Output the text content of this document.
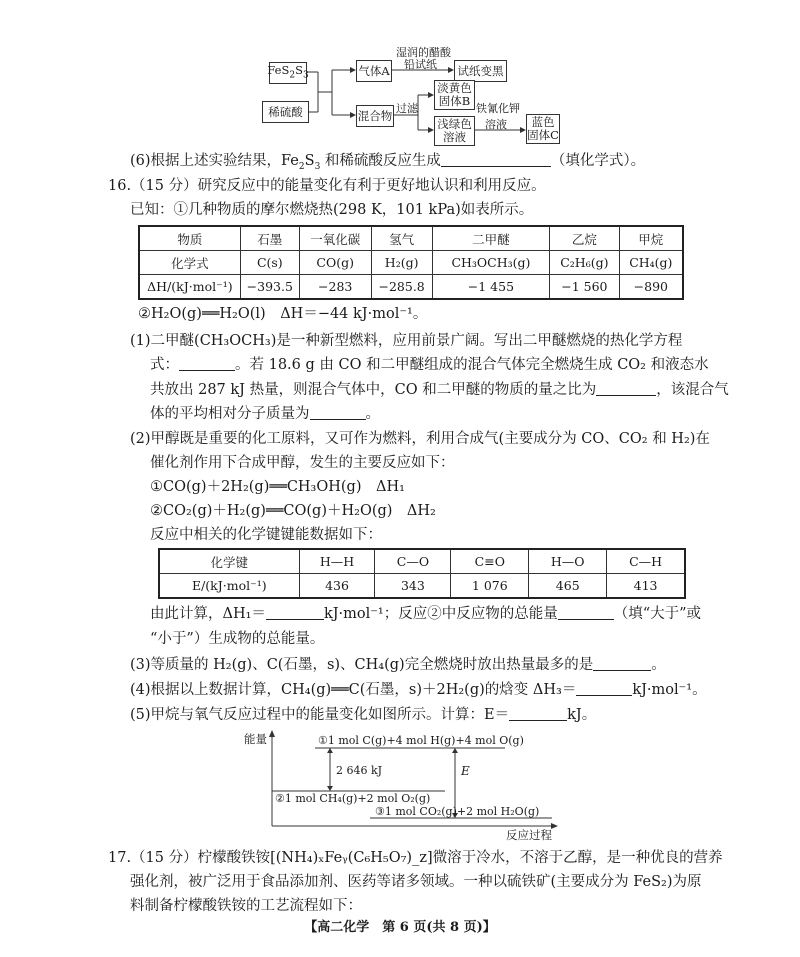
$FeS_2S_3$
稀硫酸
气体A
湿润的醋酸
铅试纸	试纸变黑
混合物 过滤
淡黄色
固体B
浅绿色
溶液
铁氰化钾
溶液 蓝色
固体C
(6)根据上述实验结果，$Fe_2S_3$ 和稀硫酸反应生成	（填化学式）。
16.（15 分）研究反应中的能量变化有利于更好地认识和利用反应。
已知：①几种物质的摩尔燃烧热(298 K，101 kPa)如表所示。
物质	石墨	一氧化碳	氢气	二甲醚	乙烷	甲烷
化学式	C(s)	CO(g)	H₂(g)	CH₃OCH₃(g)	C₂H₆(g)	CH₄(g)
ΔH/(kJ·mol⁻¹)	−393.5	−283	−285.8	−1 455	−1 560	−890
②H₂O(g)══H₂O(l)　ΔH＝−44 kJ·mol⁻¹。
(1)二甲醚(CH₃OCH₃)是一种新型燃料，应用前景广阔。写出二甲醚燃烧的热化学方程
式：	。若 18.6 g 由 CO 和二甲醚组成的混合气体完全燃烧生成 CO₂ 和液态水
共放出 287 kJ 热量，则混合气体中，CO 和二甲醚的物质的量之比为	，该混合气
体的平均相对分子质量为	。
(2)甲醇既是重要的化工原料，又可作为燃料，利用合成气(主要成分为 CO、CO₂ 和 H₂)在
催化剂作用下合成甲醇，发生的主要反应如下：
①CO(g)＋2H₂(g)══CH₃OH(g)　ΔH₁
②CO₂(g)＋H₂(g)══CO(g)＋H₂O(g)　ΔH₂
反应中相关的化学键键能数据如下：
化学键	H—H	C—O	C≡O	H—O	C—H
E/(kJ·mol⁻¹)	436	343	1 076	465	413
由此计算，ΔH₁＝	kJ·mol⁻¹；反应②中反应物的总能量	（填“大于”或
“小于”）生成物的总能量。
(3)等质量的 H₂(g)、C(石墨，s)、CH₄(g)完全燃烧时放出热量最多的是	。
(4)根据以上数据计算，CH₄(g)══C(石墨，s)＋2H₂(g)的焓变 ΔH₃＝	kJ·mol⁻¹。
(5)甲烷与氧气反应过程中的能量变化如图所示。计算：E＝	kJ。
能量	①1 mol C(g)+4 mol H(g)+4 mol O(g)
2 646 kJ	E
②1 mol CH₄(g)+2 mol O₂(g)
③1 mol CO₂(g)+2 mol H₂O(g)
反应过程
17.（15 分）柠檬酸铁铵[(NH₄)ₓFeᵧ(C₆H₅O₇)_z]微溶于冷水，不溶于乙醇，是一种优良的营养
强化剂，被广泛用于食品添加剂、医药等诸多领域。一种以硫铁矿(主要成分为 FeS₂)为原
料制备柠檬酸铁铵的工艺流程如下：
【高二化学　第 6 页(共 8 页)】
